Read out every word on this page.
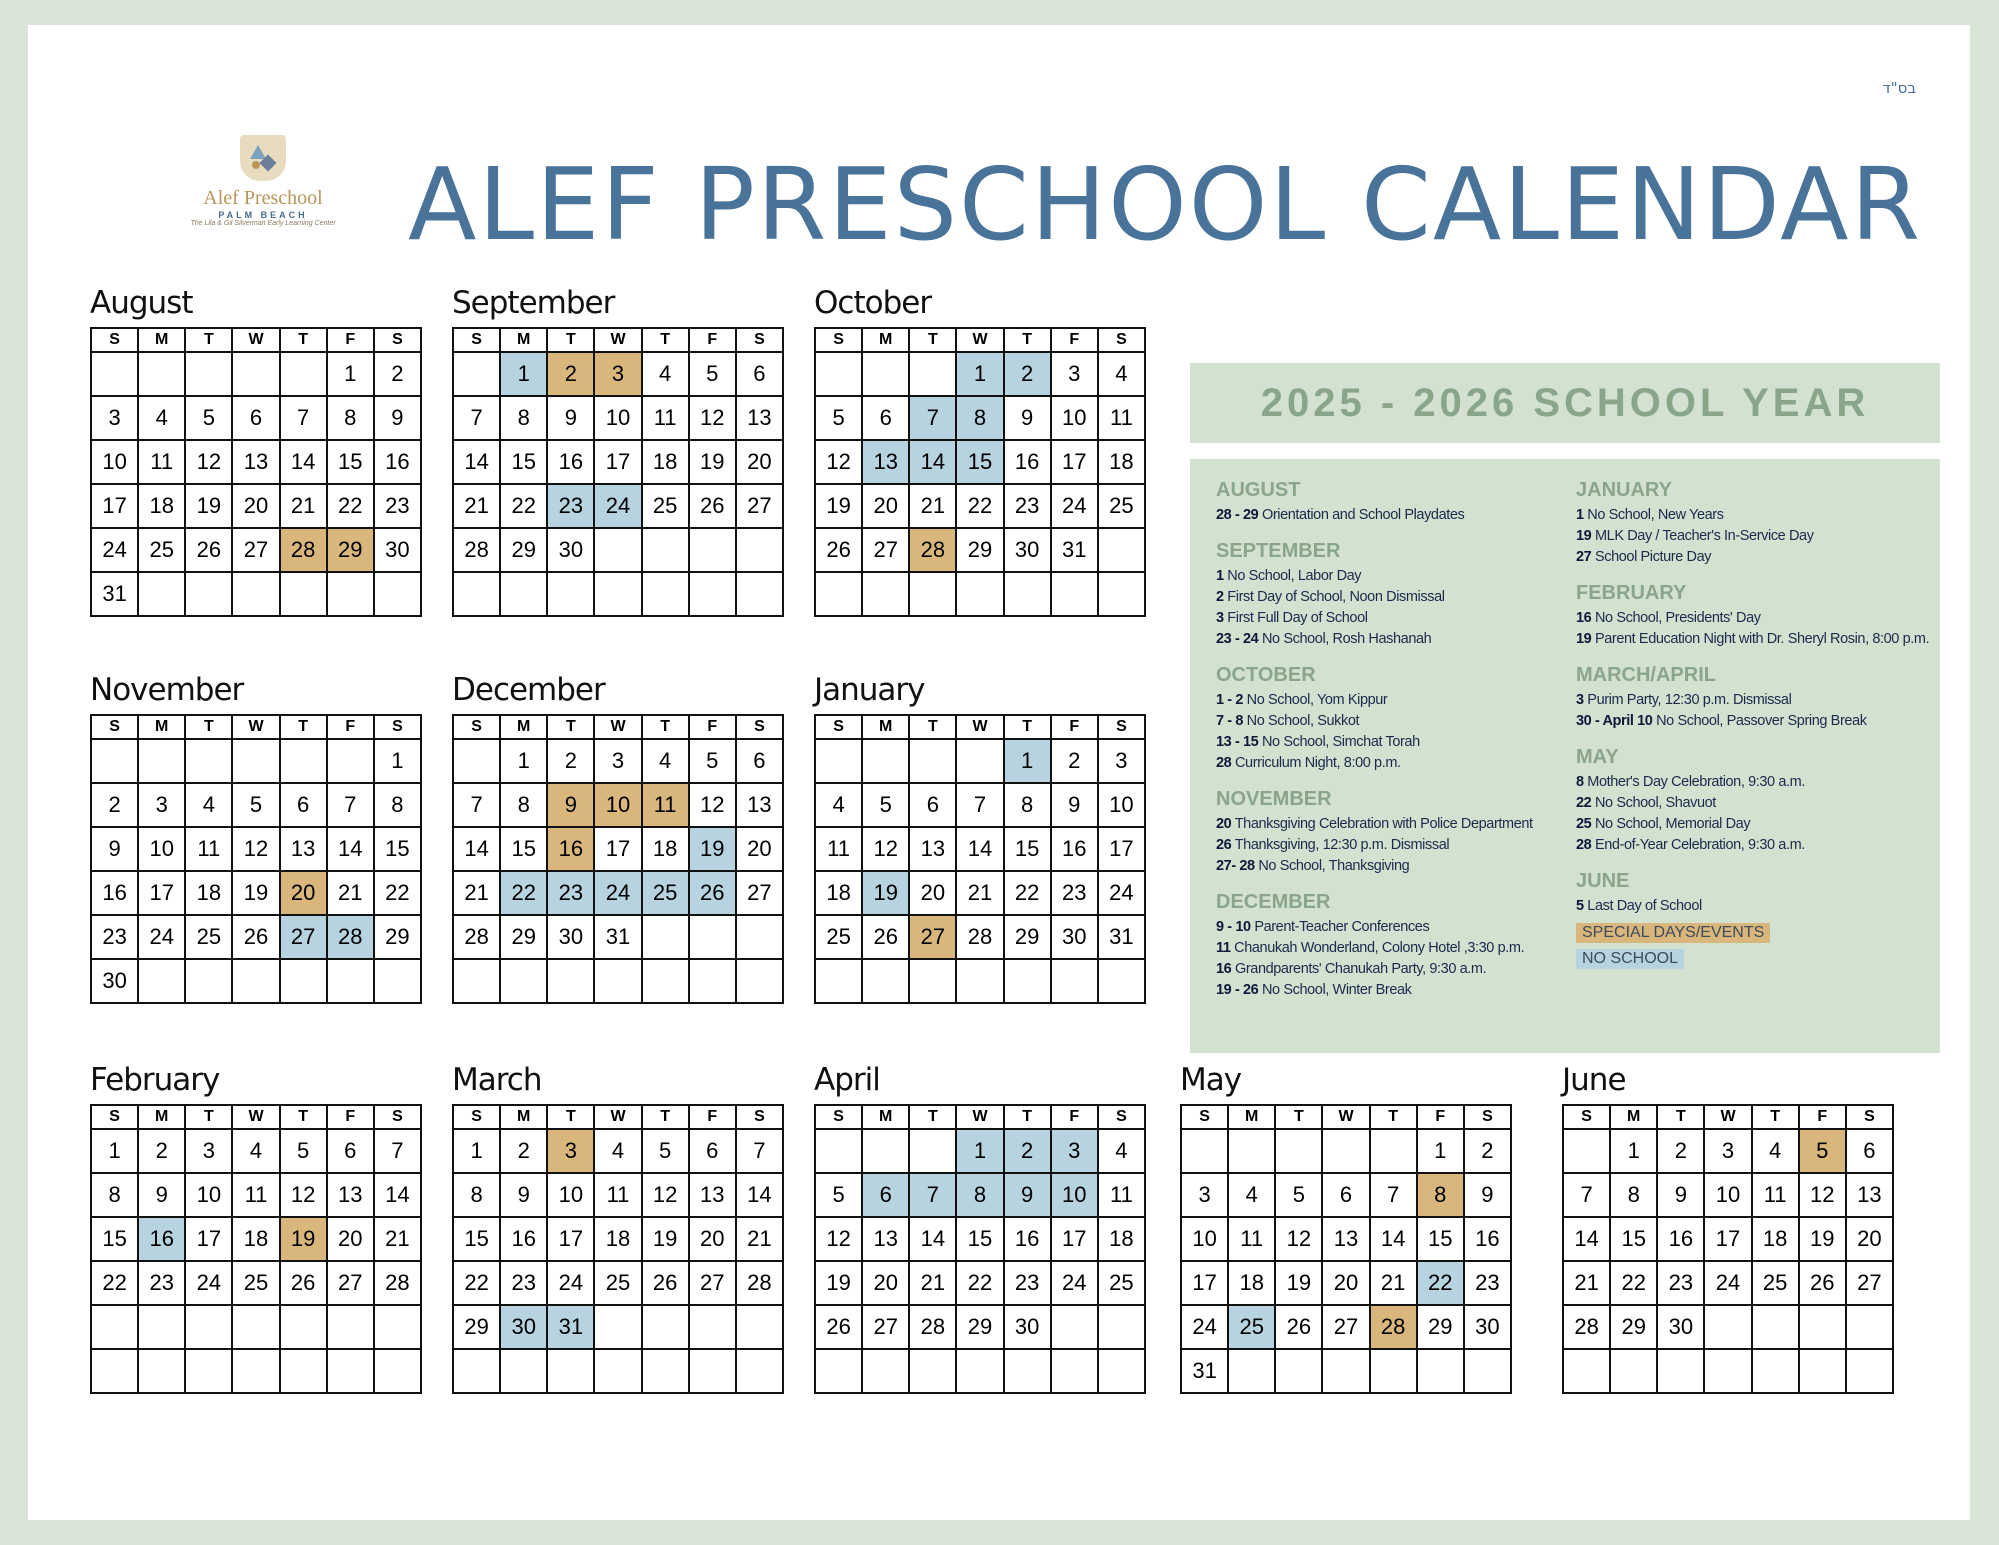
בס"ד
Alef Preschool
PALM BEACH
The Lila & Gil Silverman Early Learning Center ALEF PRESCHOOL CALENDAR
August
S	M	T	W	T	F	S
					1	2
3	4	5	6	7	8	9
10	11	12	13	14	15	16
17	18	19	20	21	22	23
24	25	26	27	28	29	30
31						
September
S	M	T	W	T	F	S
	1	2	3	4	5	6
7	8	9	10	11	12	13
14	15	16	17	18	19	20
21	22	23	24	25	26	27
28	29	30				

October
S	M	T	W	T	F	S
			1	2	3	4
5	6	7	8	9	10	11
12	13	14	15	16	17	18
19	20	21	22	23	24	25
26	27	28	29	30	31	

November
S	M	T	W	T	F	S
						1
2	3	4	5	6	7	8
9	10	11	12	13	14	15
16	17	18	19	20	21	22
23	24	25	26	27	28	29
30						
December
S	M	T	W	T	F	S
	1	2	3	4	5	6
7	8	9	10	11	12	13
14	15	16	17	18	19	20
21	22	23	24	25	26	27
28	29	30	31			

January
S	M	T	W	T	F	S
				1	2	3
4	5	6	7	8	9	10
11	12	13	14	15	16	17
18	19	20	21	22	23	24
25	26	27	28	29	30	31

February
S	M	T	W	T	F	S
1	2	3	4	5	6	7
8	9	10	11	12	13	14
15	16	17	18	19	20	21
22	23	24	25	26	27	28

March
S	M	T	W	T	F	S
1	2	3	4	5	6	7
8	9	10	11	12	13	14
15	16	17	18	19	20	21
22	23	24	25	26	27	28
29	30	31				

April
S	M	T	W	T	F	S
			1	2	3	4
5	6	7	8	9	10	11
12	13	14	15	16	17	18
19	20	21	22	23	24	25
26	27	28	29	30		

May
S	M	T	W	T	F	S
					1	2
3	4	5	6	7	8	9
10	11	12	13	14	15	16
17	18	19	20	21	22	23
24	25	26	27	28	29	30
31						
June
S	M	T	W	T	F	S
	1	2	3	4	5	6
7	8	9	10	11	12	13
14	15	16	17	18	19	20
21	22	23	24	25	26	27
28	29	30				

2025 - 2026 SCHOOL YEAR
AUGUST
28 - 29 Orientation and School Playdates
SEPTEMBER
1 No School, Labor Day
2 First Day of School, Noon Dismissal
3 First Full Day of School
23 - 24 No School, Rosh Hashanah
OCTOBER
1 - 2 No School, Yom Kippur
7 - 8 No School, Sukkot
13 - 15 No School, Simchat Torah
28 Curriculum Night, 8:00 p.m.
NOVEMBER
20 Thanksgiving Celebration with Police Department
26 Thanksgiving, 12:30 p.m. Dismissal
27- 28 No School, Thanksgiving
DECEMBER
9 - 10 Parent-Teacher Conferences
11 Chanukah Wonderland, Colony Hotel ,3:30 p.m.
16 Grandparents' Chanukah Party, 9:30 a.m.
19 - 26 No School, Winter Break
JANUARY
1 No School, New Years
19 MLK Day / Teacher's In-Service Day
27 School Picture Day
FEBRUARY
16 No School, Presidents' Day
19 Parent Education Night with Dr. Sheryl Rosin, 8:00 p.m.
MARCH/APRIL
3 Purim Party, 12:30 p.m. Dismissal
30 - April 10 No School, Passover Spring Break
MAY
8 Mother's Day Celebration, 9:30 a.m.
22 No School, Shavuot
25 No School, Memorial Day
28 End-of-Year Celebration, 9:30 a.m.
JUNE
5 Last Day of School
SPECIAL DAYS/EVENTS
NO SCHOOL
